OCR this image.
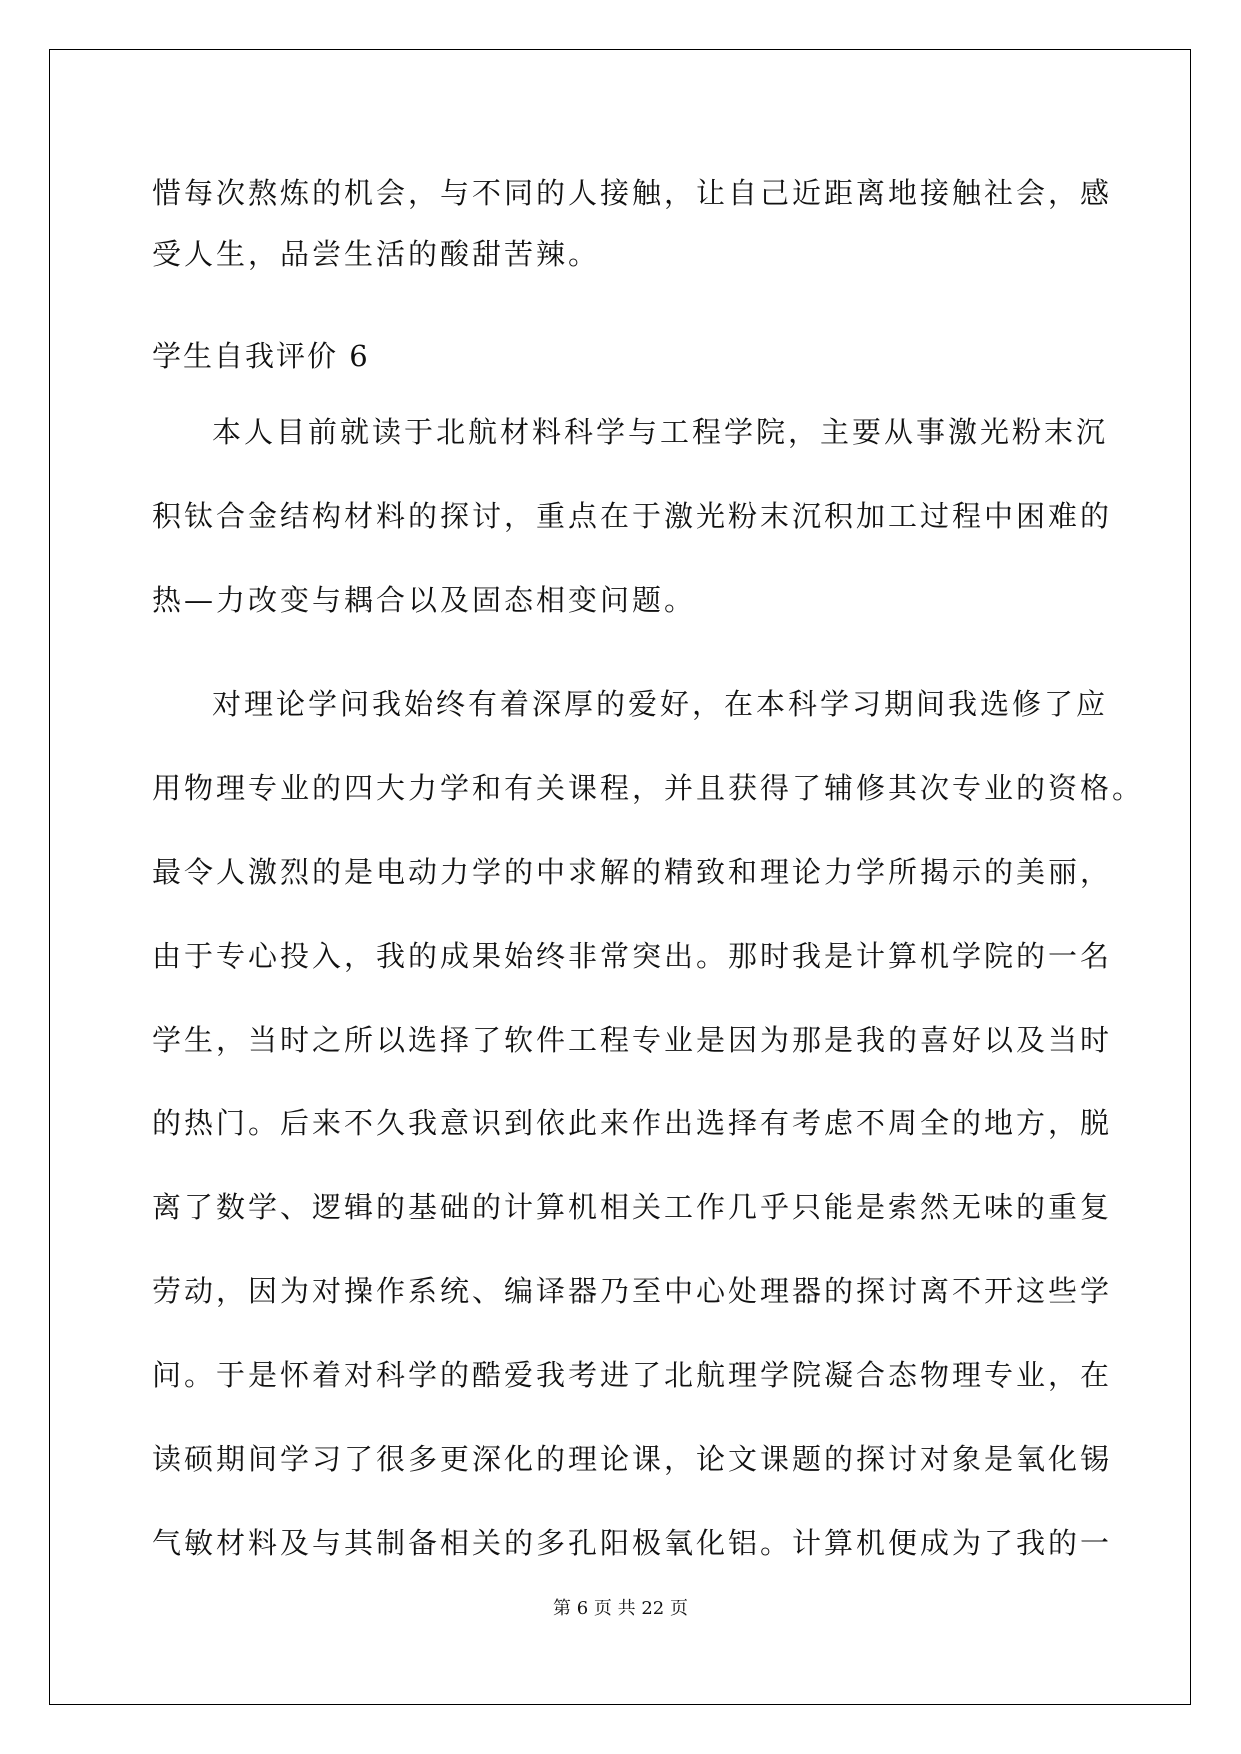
惜每次熬炼的机会，与不同的人接触，让自己近距离地接触社会，感
受人生，品尝生活的酸甜苦辣。
学生自我评价 6
本人目前就读于北航材料科学与工程学院，主要从事激光粉末沉
积钛合金结构材料的探讨，重点在于激光粉末沉积加工过程中困难的
热—力改变与耦合以及固态相变问题。
对理论学问我始终有着深厚的爱好，在本科学习期间我选修了应
用物理专业的四大力学和有关课程，并且获得了辅修其次专业的资格。
最令人激烈的是电动力学的中求解的精致和理论力学所揭示的美丽，
由于专心投入，我的成果始终非常突出。那时我是计算机学院的一名
学生，当时之所以选择了软件工程专业是因为那是我的喜好以及当时
的热门。后来不久我意识到依此来作出选择有考虑不周全的地方，脱
离了数学、逻辑的基础的计算机相关工作几乎只能是索然无味的重复
劳动，因为对操作系统、编译器乃至中心处理器的探讨离不开这些学
问。于是怀着对科学的酷爱我考进了北航理学院凝合态物理专业，在
读硕期间学习了很多更深化的理论课，论文课题的探讨对象是氧化锡
气敏材料及与其制备相关的多孔阳极氧化铝。计算机便成为了我的一
第 6 页 共 22 页
